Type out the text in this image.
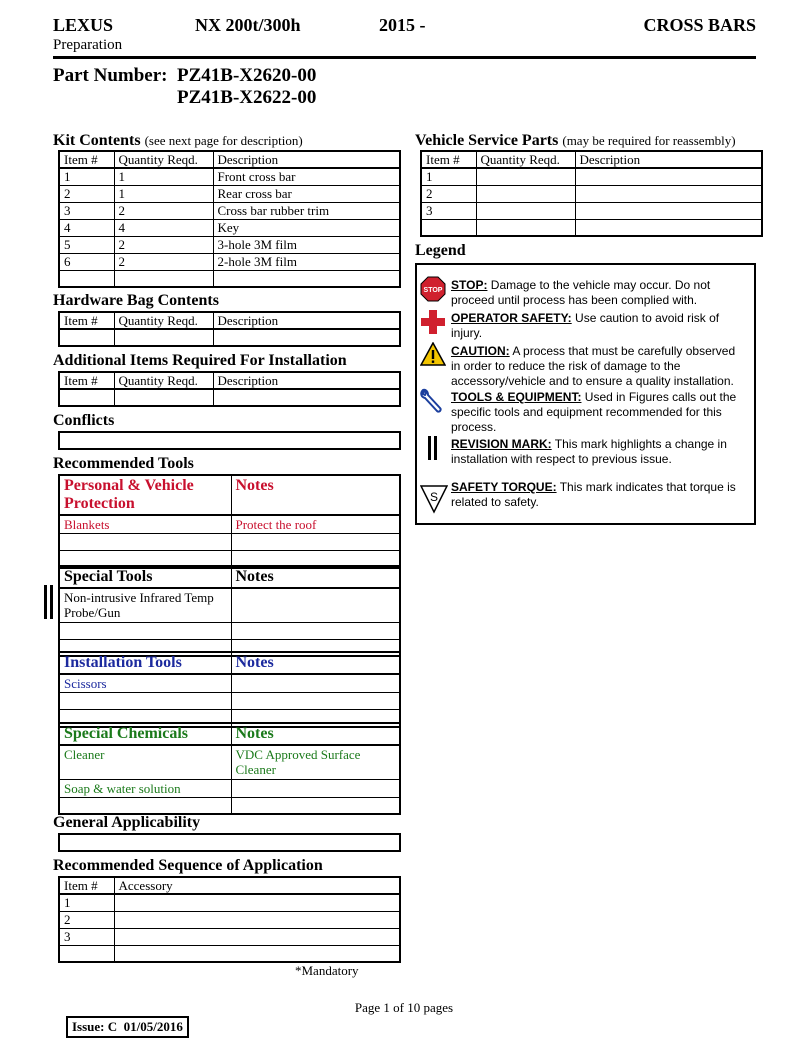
LEXUS	NX 200t/300h	2015 -	CROSS BARS
Preparation
Part Number: PZ41B-X2620-00
PZ41B-X2622-00
Kit Contents (see next page for description)
Item #	Quantity Reqd.	Description
1	1	Front cross bar
2	1	Rear cross bar
3	2	Cross bar rubber trim
4	4	Key
5	2	3-hole 3M film
6	2	2-hole 3M film

Hardware Bag Contents
Item #	Quantity Reqd.	Description

Additional Items Required For Installation
Item #	Quantity Reqd.	Description

Conflicts
Recommended Tools
Personal & Vehicle Protection	Notes
Blankets	Protect the roof

Special Tools	Notes
Non-intrusive Infrared Temp Probe/Gun	

Installation Tools	Notes
Scissors	

Special Chemicals	Notes
Cleaner	VDC Approved Surface Cleaner
Soap & water solution	

General Applicability
Recommended Sequence of Application
Item #	Accessory
1	
2	
3	

*Mandatory
Vehicle Service Parts (may be required for reassembly)
Item #	Quantity Reqd.	Description
1		
2		
3		

Legend
STOP STOP: Damage to the vehicle may occur. Do not proceed until process has been complied with.
OPERATOR SAFETY: Use caution to avoid risk of injury.
CAUTION: A process that must be carefully observed in order to reduce the risk of damage to the accessory/vehicle and to ensure a quality installation.
TOOLS & EQUIPMENT: Used in Figures calls out the specific tools and equipment recommended for this process.
REVISION MARK: This mark highlights a change in installation with respect to previous issue.
S
SAFETY TORQUE: This mark indicates that torque is related to safety.
Page 1 of 10 pages
Issue: C  01/05/2016
